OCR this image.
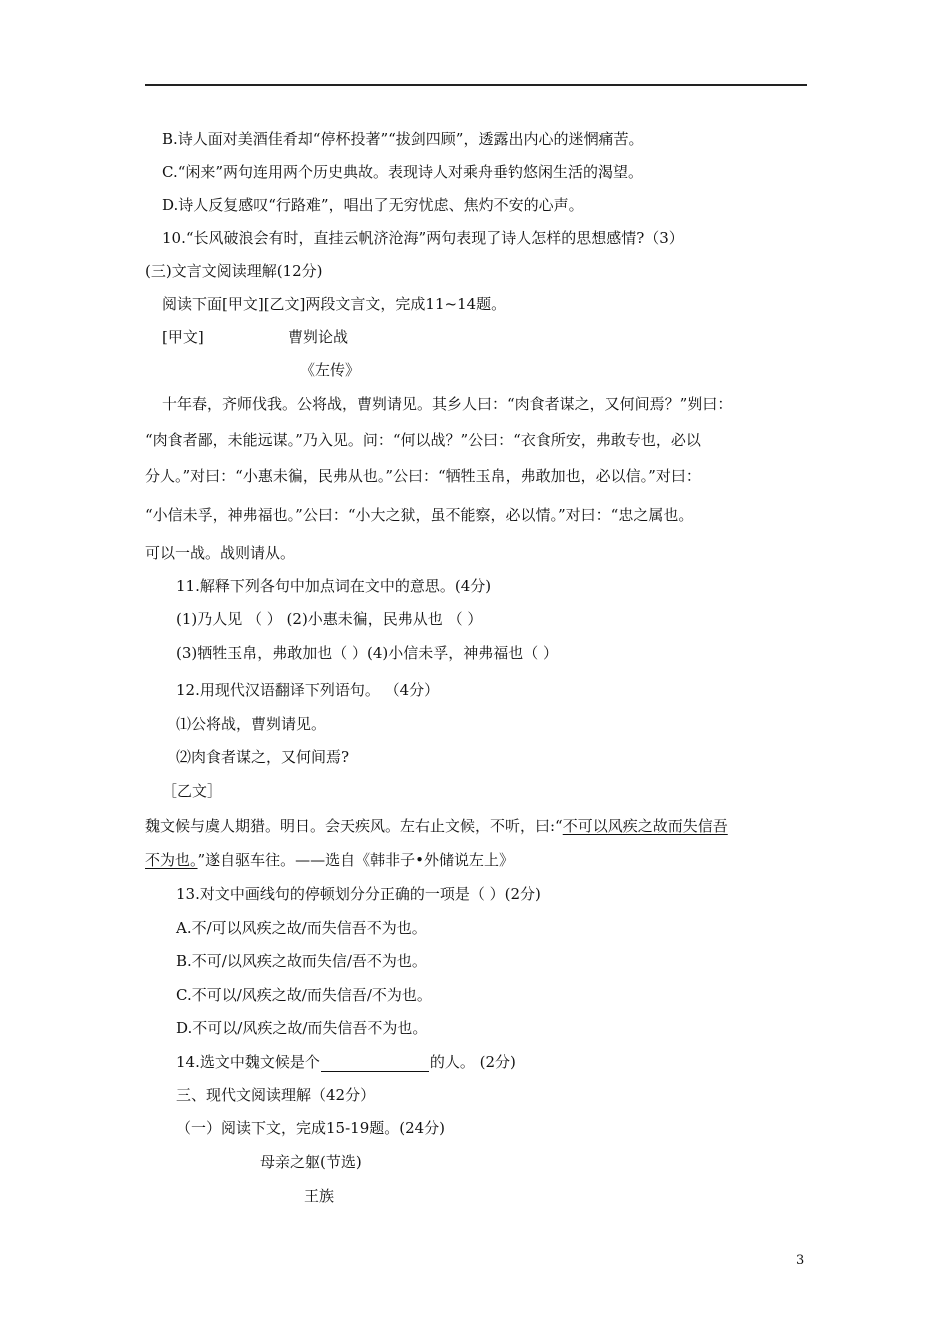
B.诗人面对美酒佳肴却“停杯投著”“拔剑四顾”，透露出内心的迷惘痛苦。
C.“闲来”两句连用两个历史典故。表现诗人对乘舟垂钓悠闲生活的渴望。
D.诗人反复感叹“行路难”，唱出了无穷忧虑、焦灼不安的心声。
10.“长风破浪会有时，直挂云帆济沧海”两句表现了诗人怎样的思想感情?（3）
(三)文言文阅读理解(12分)
阅读下面[甲文][乙文]两段文言文，完成11~14题。
[甲文]	曹刿论战
《左传》
十年春，齐师伐我。公将战，曹刿请见。其乡人曰：“肉食者谋之，又何间焉？”刿曰：
“肉食者鄙，未能远谋。”乃入见。问：“何以战？”公曰：“衣食所安，弗敢专也，必以
分人。”对曰：“小惠未徧，民弗从也。”公曰：“牺牲玉帛，弗敢加也，必以信。”对曰：
“小信未孚，神弗福也。”公曰：“小大之狱，虽不能察，必以情。”对曰：“忠之属也。
可以一战。战则请从。
11.解释下列各句中加点词在文中的意思。(4分)
(1)乃人见 （ ） (2)小惠未徧，民弗从也 （ ）
(3)牺牲玉帛，弗敢加也（ ）(4)小信未孚，神弗福也（ ）
12.用现代汉语翻译下列语句。 （4分）
⑴公将战，曹刿请见。
⑵肉食者谋之，又何间焉?
［乙文］
魏文候与虞人期猎。明日。会天疾风。左右止文候，不听，曰:“不可以风疾之故而失信吾
不为也。”遂自驱车往。——选自《韩非子•外储说左上》
13.对文中画线句的停顿划分分正确的一项是（ ）(2分)
A.不/可以风疾之故/而失信吾不为也。
B.不可/以风疾之故而失信/吾不为也。
C.不可以/风疾之故/而失信吾/不为也。
D.不可以/风疾之故/而失信吾不为也。
14.选文中魏文候是个	的人。 (2分)
三、现代文阅读理解（42分）
（一）阅读下文，完成15-19题。(24分)
母亲之躯(节选)
王族
3
